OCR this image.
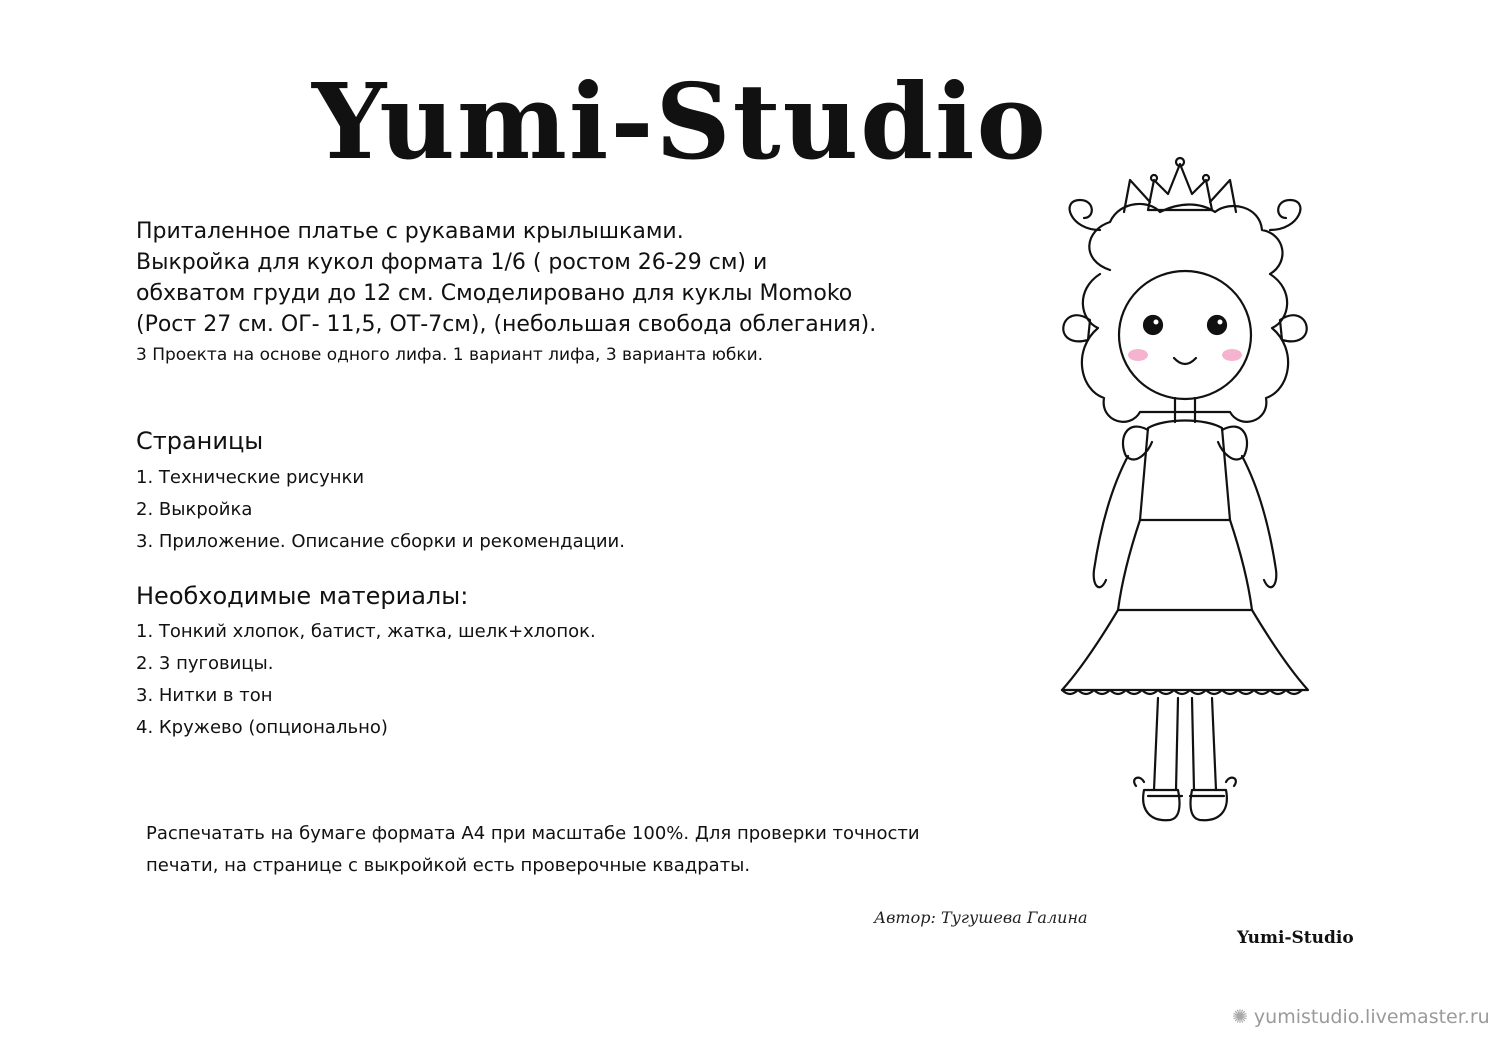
Yumi-Studio
Приталенное платье с рукавами крылышками.
Выкройка для кукол формата 1/6 ( ростом 26-29 см) и
обхватом груди до 12 см. Смоделировано для куклы Momoko
(Рост 27 см. ОГ- 11,5, ОТ-7см), (небольшая свобода облегания).
3 Проекта на основе одного лифа. 1 вариант лифа, 3 варианта юбки.
Страницы
1. Технические рисунки
2. Выкройка
3. Приложение. Описание сборки и рекомендации.
Необходимые материалы:
1. Тонкий хлопок, батист, жатка, шелк+хлопок.
2. 3 пуговицы.
3. Нитки в тон
4. Кружево (опционально)
Распечатать на бумаге формата А4 при масштабе 100%. Для проверки точности
печати, на странице с выкройкой есть проверочные квадраты.
Автор: Тугушева Галина
Yumi-Studio
✺ yumistudio.livemaster.ru
